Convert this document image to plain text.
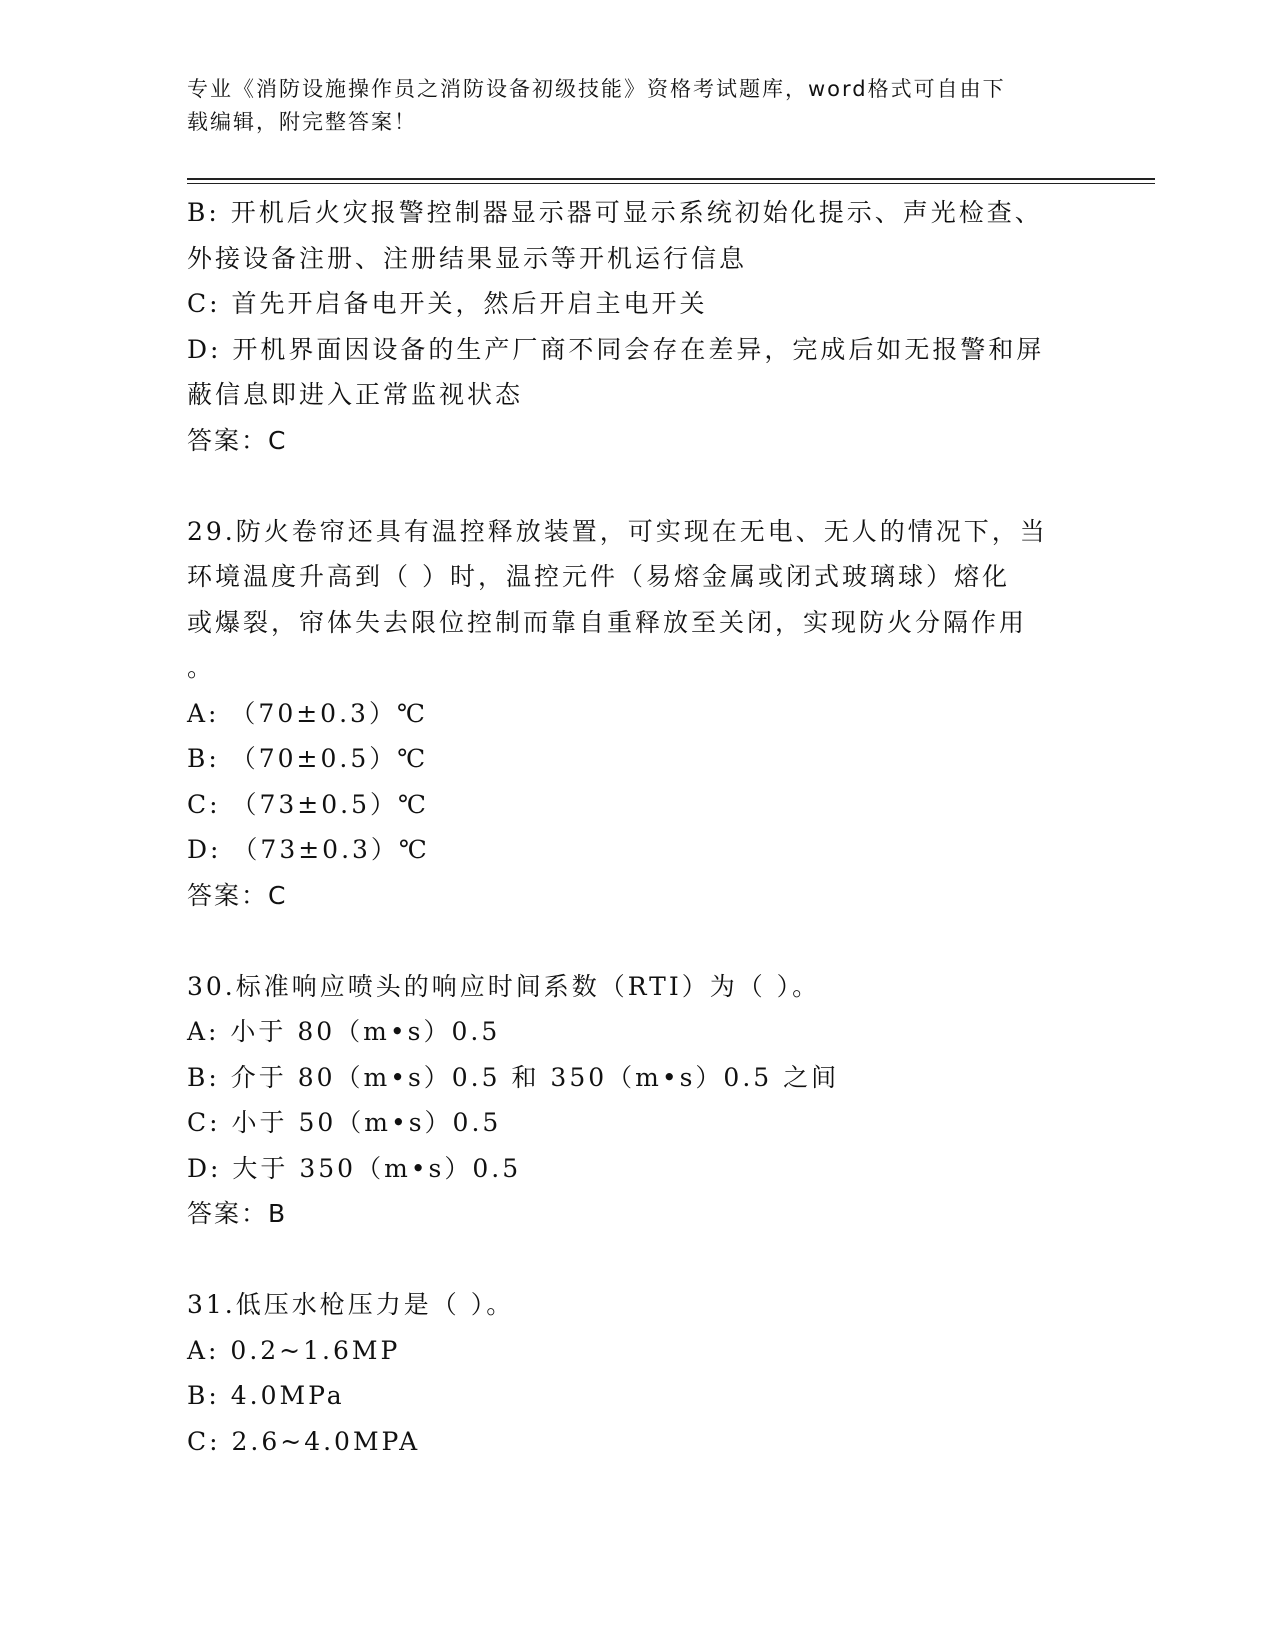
专业《消防设施操作员之消防设备初级技能》资格考试题库，word格式可自由下
载编辑，附完整答案！
B: 开机后火灾报警控制器显示器可显示系统初始化提示、声光检查、
外接设备注册、注册结果显示等开机运行信息
C: 首先开启备电开关，然后开启主电开关
D: 开机界面因设备的生产厂商不同会存在差异，完成后如无报警和屏
蔽信息即进入正常监视状态
答案：C
29.防火卷帘还具有温控释放装置，可实现在无电、无人的情况下，当
环境温度升高到（ ）时，温控元件（易熔金属或闭式玻璃球）熔化
或爆裂，帘体失去限位控制而靠自重释放至关闭，实现防火分隔作用
。
A: （70±0.3）℃
B: （70±0.5）℃
C: （73±0.5）℃
D: （73±0.3）℃
答案：C
30.标准响应喷头的响应时间系数（RTI）为（ ）。
A: 小于 80（m•s）0.5
B: 介于 80（m•s）0.5 和 350（m•s）0.5 之间
C: 小于 50（m•s）0.5
D: 大于 350（m•s）0.5
答案：B
31.低压水枪压力是（ ）。
A: 0.2~1.6MP
B: 4.0MPa
C: 2.6~4.0MPA
